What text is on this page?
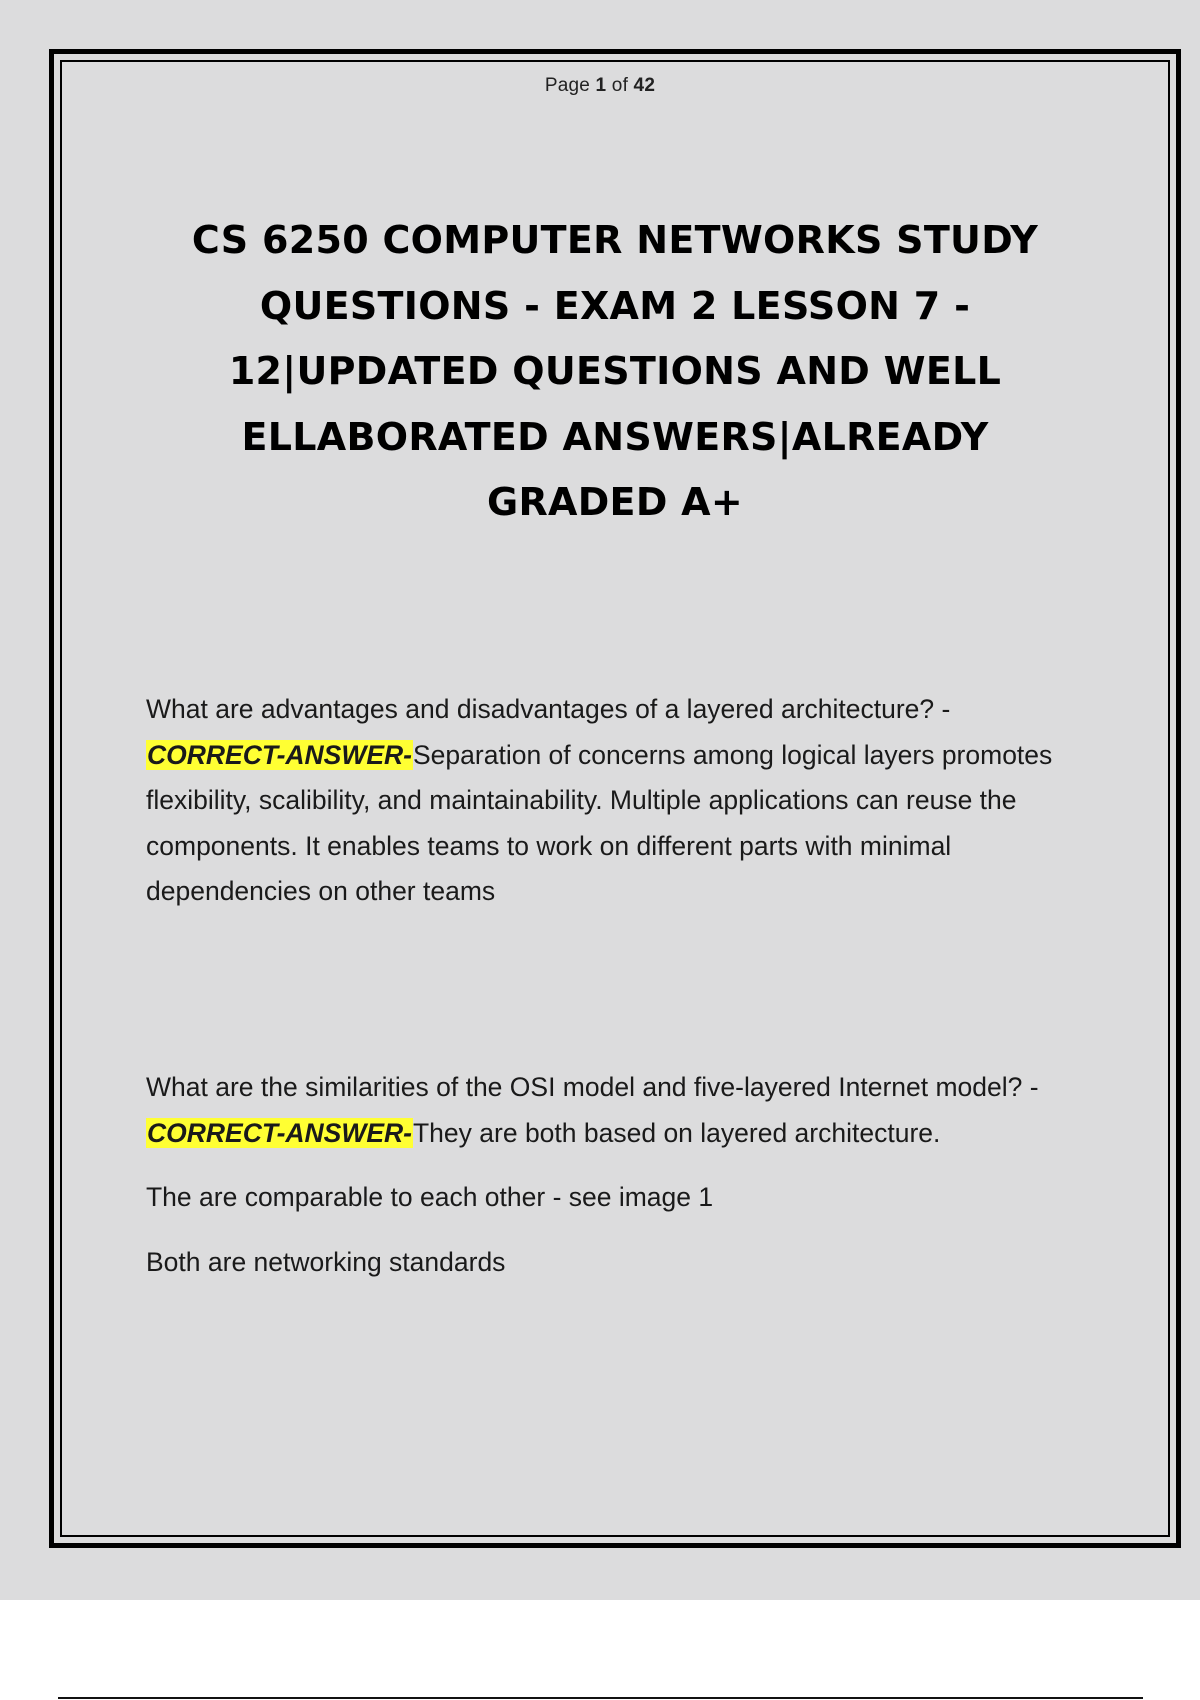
Page 1 of 42
CS 6250 COMPUTER NETWORKS STUDY
QUESTIONS - EXAM 2 LESSON 7 -
12|UPDATED QUESTIONS AND WELL
ELLABORATED ANSWERS|ALREADY
GRADED A+

What are advantages and disadvantages of a layered architecture? - CORRECT-ANSWER-Separation of concerns among logical layers promotes flexibility, scalibility, and maintainability. Multiple applications can reuse the components. It enables teams to work on different parts with minimal dependencies on other teams

What are the similarities of the OSI model and five-layered Internet model? - CORRECT-ANSWER-They are both based on layered architecture.

The are comparable to each other - see image 1

Both are networking standards
